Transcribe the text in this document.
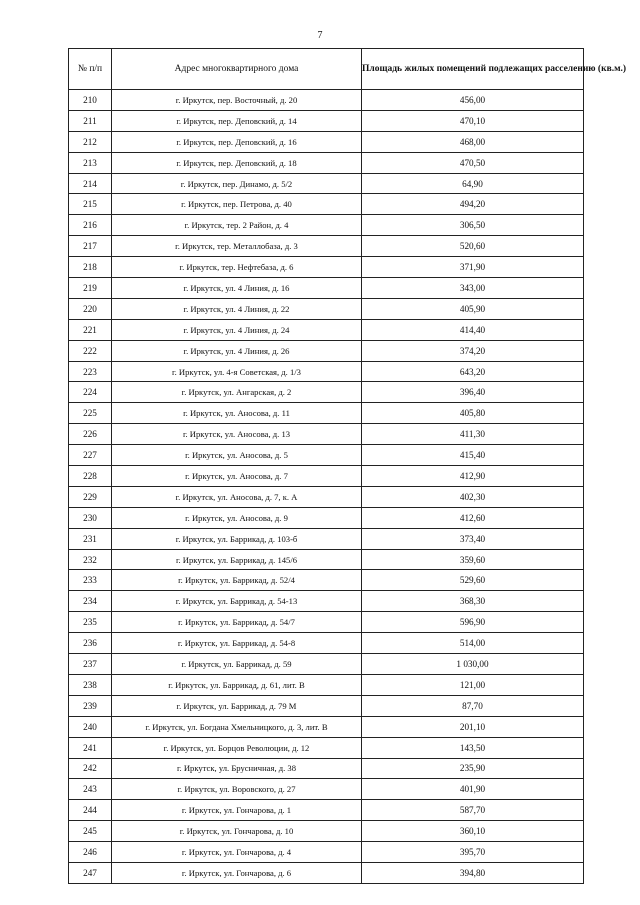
7
№ п/п	Адрес многоквартирного дома	Площадь жилых помещений подлежащих расселению (кв.м.)
210	г. Иркутск, пер. Восточный, д. 20	456,00
211	г. Иркутск, пер. Деповский, д. 14	470,10
212	г. Иркутск, пер. Деповский, д. 16	468,00
213	г. Иркутск, пер. Деповский, д. 18	470,50
214	г. Иркутск, пер. Динамо, д. 5/2	64,90
215	г. Иркутск, пер. Петрова, д. 40	494,20
216	г. Иркутск, тер. 2 Район, д. 4	306,50
217	г. Иркутск, тер. Металлобаза, д. 3	520,60
218	г. Иркутск, тер. Нефтебаза, д. 6	371,90
219	г. Иркутск, ул. 4 Линия, д. 16	343,00
220	г. Иркутск, ул. 4 Линия, д. 22	405,90
221	г. Иркутск, ул. 4 Линия, д. 24	414,40
222	г. Иркутск, ул. 4 Линия, д. 26	374,20
223	г. Иркутск, ул. 4-я Советская, д. 1/3	643,20
224	г. Иркутск, ул. Ангарская, д. 2	396,40
225	г. Иркутск, ул. Аносова, д. 11	405,80
226	г. Иркутск, ул. Аносова, д. 13	411,30
227	г. Иркутск, ул. Аносова, д. 5	415,40
228	г. Иркутск, ул. Аносова, д. 7	412,90
229	г. Иркутск, ул. Аносова, д. 7, к. А	402,30
230	г. Иркутск, ул. Аносова, д. 9	412,60
231	г. Иркутск, ул. Баррикад, д. 103-б	373,40
232	г. Иркутск, ул. Баррикад, д. 145/6	359,60
233	г. Иркутск, ул. Баррикад, д. 52/4	529,60
234	г. Иркутск, ул. Баррикад, д. 54-13	368,30
235	г. Иркутск, ул. Баррикад, д. 54/7	596,90
236	г. Иркутск, ул. Баррикад, д. 54-8	514,00
237	г. Иркутск, ул. Баррикад, д. 59	1 030,00
238	г. Иркутск, ул. Баррикад, д. 61, лит. В	121,00
239	г. Иркутск, ул. Баррикад, д. 79 М	87,70
240	г. Иркутск, ул. Богдана Хмельницкого, д. 3, лит. В	201,10
241	г. Иркутск, ул. Борцов Революции, д. 12	143,50
242	г. Иркутск, ул. Брусничная, д. 38	235,90
243	г. Иркутск, ул. Воровского, д. 27	401,90
244	г. Иркутск, ул. Гончарова, д. 1	587,70
245	г. Иркутск, ул. Гончарова, д. 10	360,10
246	г. Иркутск, ул. Гончарова, д. 4	395,70
247	г. Иркутск, ул. Гончарова, д. 6	394,80
